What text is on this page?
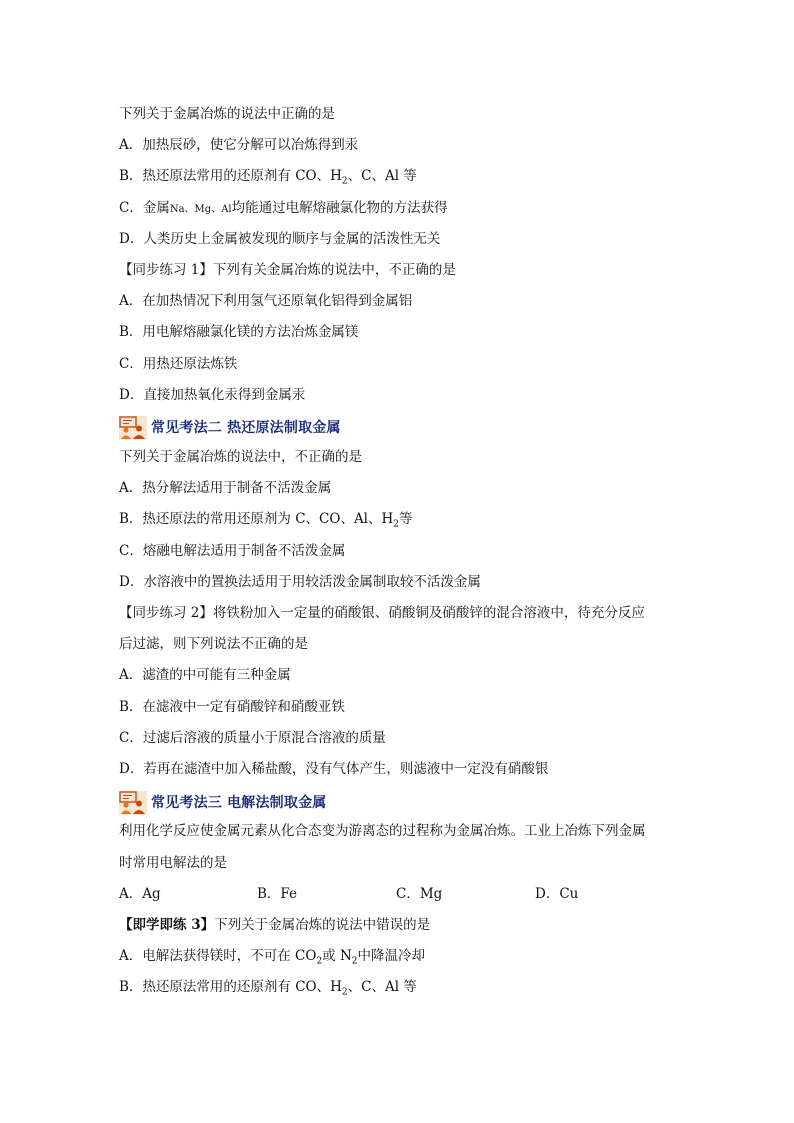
下列关于金属冶炼的说法中正确的是
A．加热辰砂，使它分解可以冶炼得到汞
B．热还原法常用的还原剂有 CO、$H_2$、C、Al 等
C．金属Na、Mg、Al均能通过电解熔融氯化物的方法获得
D．人类历史上金属被发现的顺序与金属的活泼性无关
【同步练习 1】下列有关金属冶炼的说法中，不正确的是
A．在加热情况下利用氢气还原氧化铝得到金属铝
B．用电解熔融氯化镁的方法冶炼金属镁
C．用热还原法炼铁
D．直接加热氧化汞得到金属汞
常见考法二 热还原法制取金属
下列关于金属冶炼的说法中，不正确的是
A．热分解法适用于制备不活泼金属
B．热还原法的常用还原剂为 C、CO、Al、$H_2$等
C．熔融电解法适用于制备不活泼金属
D．水溶液中的置换法适用于用较活泼金属制取较不活泼金属
【同步练习 2】将铁粉加入一定量的硝酸银、硝酸铜及硝酸锌的混合溶液中，待充分反应
后过滤，则下列说法不正确的是
A．滤渣的中可能有三种金属
B．在滤液中一定有硝酸锌和硝酸亚铁
C．过滤后溶液的质量小于原混合溶液的质量
D．若再在滤渣中加入稀盐酸，没有气体产生，则滤液中一定没有硝酸银
常见考法三 电解法制取金属
利用化学反应使金属元素从化合态变为游离态的过程称为金属冶炼。工业上冶炼下列金属
时常用电解法的是
A．Ag	B．Fe	C．Mg	D．Cu
【即学即练 3】下列关于金属冶炼的说法中错误的是
A．电解法获得镁时，不可在 $CO_2$或 $N_2$中降温冷却
B．热还原法常用的还原剂有 CO、$H_2$、C、Al 等
